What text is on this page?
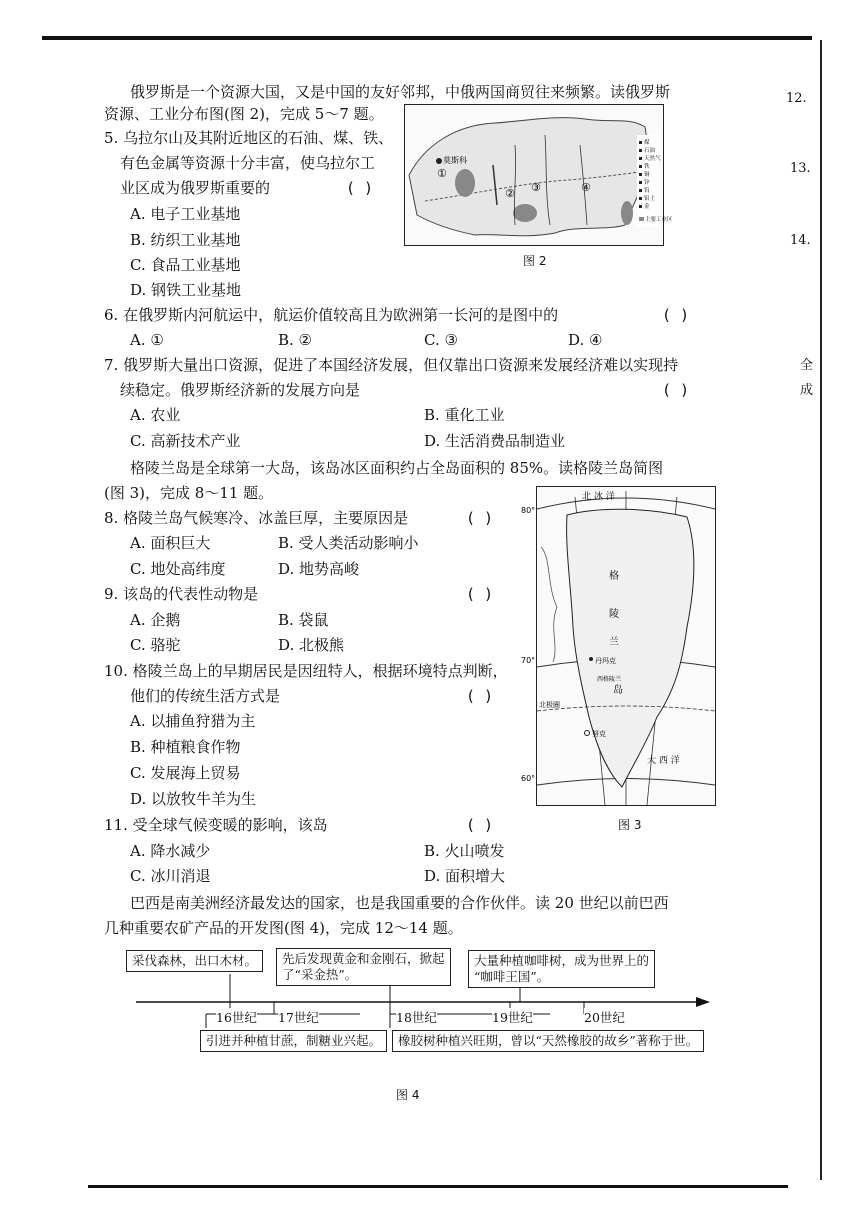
12.
13.
14.
全
成
俄罗斯是一个资源大国，又是中国的友好邻邦，中俄两国商贸往来频繁。读俄罗斯
资源、工业分布图(图 2)，完成 5～7 题。
莫斯科
①
② ③	④
煤
石油
天然气
铁
铜
锌
钨
铝土
金
主要工业区
图 2
5. 乌拉尔山及其附近地区的石油、煤、铁、
有色金属等资源十分丰富，使乌拉尔工
业区成为俄罗斯重要的	( )
A. 电子工业基地
B. 纺织工业基地
C. 食品工业基地
D. 钢铁工业基地
6. 在俄罗斯内河航运中，航运价值较高且为欧洲第一长河的是图中的	( )
A. ①	B. ②	C. ③	D. ④
7. 俄罗斯大量出口资源，促进了本国经济发展，但仅靠出口资源来发展经济难以实现持
续稳定。俄罗斯经济新的发展方向是	( )
A. 农业	B. 重化工业
C. 高新技术产业	D. 生活消费品制造业
格陵兰岛是全球第一大岛，该岛冰区面积约占全岛面积的 85%。读格陵兰岛简图
(图 3)，完成 8～11 题。	北 冰 洋
80°
70°
60°
格
陵
兰
岛
丹玛克
西格陵兰
北极圈
努克
大 西 洋
图 3
8. 格陵兰岛气候寒冷、冰盖巨厚，主要原因是	( )
A. 面积巨大	B. 受人类活动影响小
C. 地处高纬度	D. 地势高峻
9. 该岛的代表性动物是	( )
A. 企鹅	B. 袋鼠
C. 骆驼	D. 北极熊
10. 格陵兰岛上的早期居民是因纽特人，根据环境特点判断，
他们的传统生活方式是	( )
A. 以捕鱼狩猎为主
B. 种植粮食作物
C. 发展海上贸易
D. 以放牧牛羊为生
11. 受全球气候变暖的影响，该岛	( )
A. 降水减少	B. 火山喷发
C. 冰川消退	D. 面积增大
巴西是南美洲经济最发达的国家，也是我国重要的合作伙伴。读 20 世纪以前巴西
几种重要农矿产品的开发图(图 4)，完成 12～14 题。
采伐森林，出口木材。	先后发现黄金和金刚石，掀起
了“采金热”。
大量种植咖啡树，成为世界上的
“咖啡王国”。
16世纪 17世纪	18世纪	19世纪	20世纪
引进并种植甘蔗，制糖业兴起。	橡胶树种植兴旺期，曾以“天然橡胶的故乡”著称于世。
图 4
